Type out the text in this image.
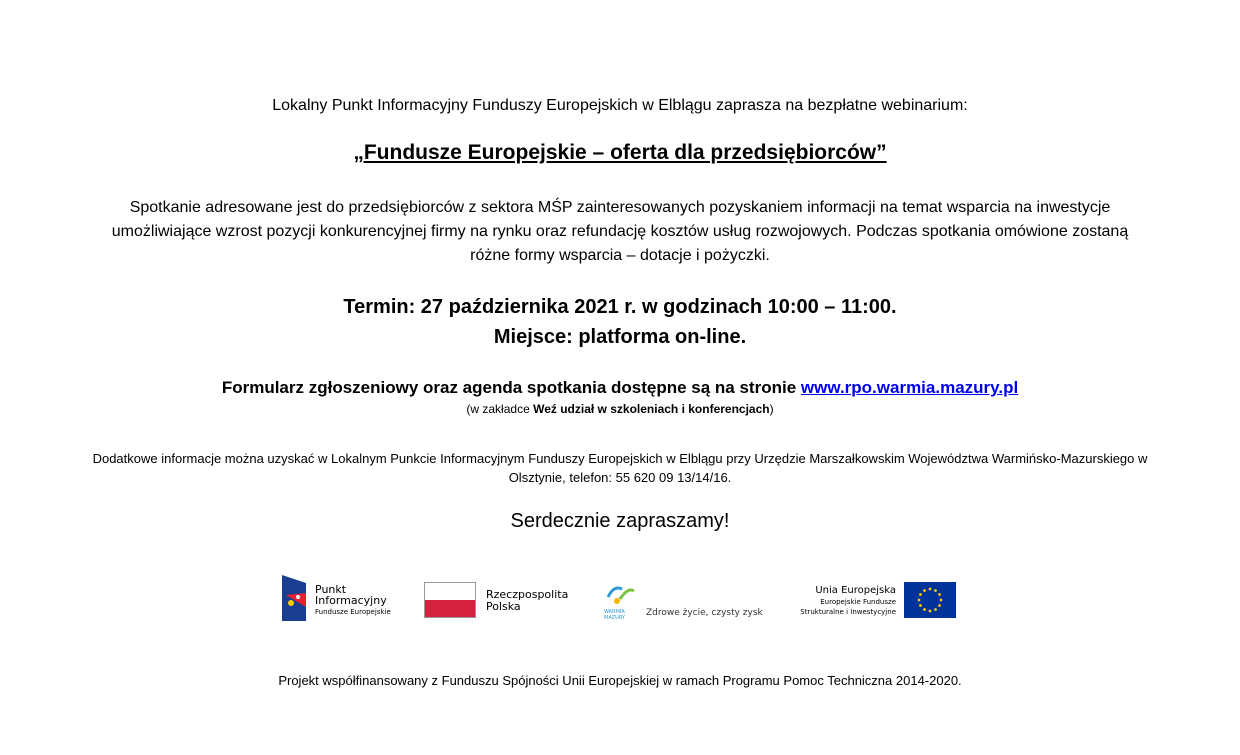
Lokalny Punkt Informacyjny Funduszy Europejskich w Elblągu zaprasza na bezpłatne webinarium:
„Fundusze Europejskie – oferta dla przedsiębiorców”
Spotkanie adresowane jest do przedsiębiorców z sektora MŚP zainteresowanych pozyskaniem informacji na temat wsparcia na inwestycje umożliwiające wzrost pozycji konkurencyjnej firmy na rynku oraz refundację kosztów usług rozwojowych. Podczas spotkania omówione zostaną różne formy wsparcia – dotacje i pożyczki.
Termin: 27 października 2021 r. w godzinach 10:00 – 11:00.
Miejsce: platforma on-line.
Formularz zgłoszeniowy oraz agenda spotkania dostępne są na stronie www.rpo.warmia.mazury.pl
(w zakładce Weź udział w szkoleniach i konferencjach)
Dodatkowe informacje można uzyskać w Lokalnym Punkcie Informacyjnym Funduszy Europejskich w Elblągu przy Urzędzie Marszałkowskim Województwa Warmińsko-Mazurskiego w Olsztynie, telefon: 55 620 09 13/14/16.
Serdecznie zapraszamy!
Punkt
Informacyjny
Fundusze Europejskie
Rzeczpospolita
Polska	WARMIA MAZURY	Zdrowe życie, czysty zysk
Unia Europejska
Europejskie Fundusze
Strukturalne i Inwestycyjne
Projekt współfinansowany z Funduszu Spójności Unii Europejskiej w ramach Programu Pomoc Techniczna 2014-2020.
